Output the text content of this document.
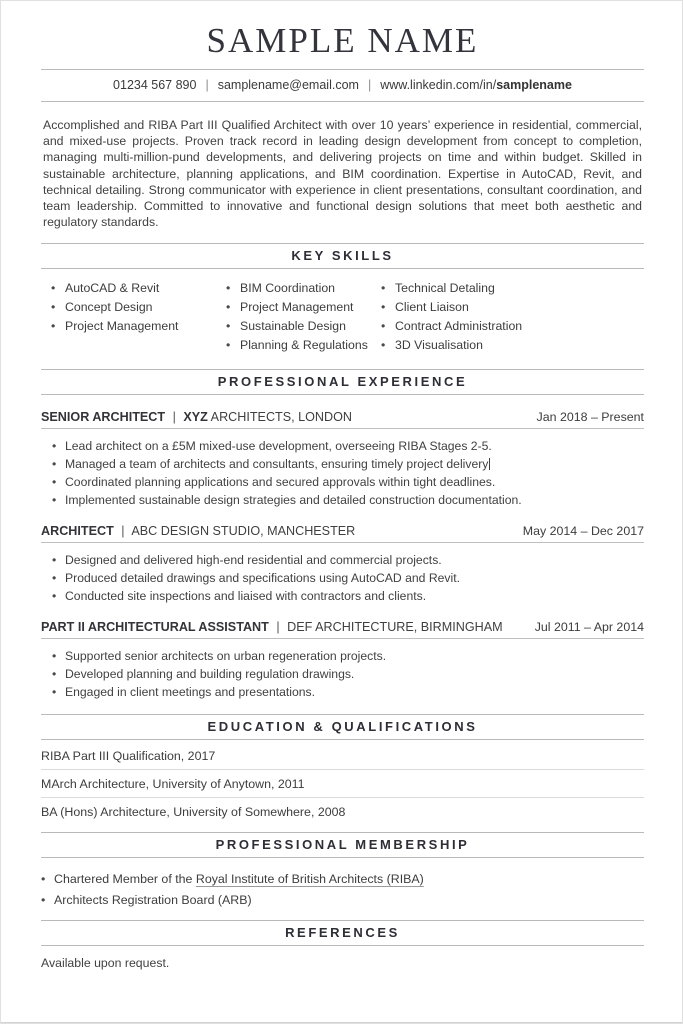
SAMPLE NAME
01234 567 890 | samplename@email.com | www.linkedin.com/in/samplename

Accomplished and RIBA Part III Qualified Architect with over 10 years’ experience in residential, commercial, and mixed-use projects. Proven track record in leading design development from concept to completion, managing multi-million-pund developments, and delivering projects on time and within budget. Skilled in sustainable architecture, planning applications, and BIM coordination. Expertise in AutoCAD, Revit, and technical detailing. Strong communicator with experience in client presentations, consultant coordination, and team leadership. Committed to innovative and functional design solutions that meet both aesthetic and regulatory standards.

KEY SKILLS
• AutoCAD & Revit
• Concept Design
• Project Management
• BIM Coordination
• Project Management
• Sustainable Design
• Planning & Regulations
• Technical Detaling
• Client Liaison
• Contract Administration
• 3D Visualisation
PROFESSIONAL EXPERIENCE
SENIOR ARCHITECT | XYZ ARCHITECTS, LONDON	Jan 2018 – Present
• Lead architect on a £5M mixed-use development, overseeing RIBA Stages 2-5.
• Managed a team of architects and consultants, ensuring timely project delivery
• Coordinated planning applications and secured approvals within tight deadlines.
• Implemented sustainable design strategies and detailed construction documentation.
ARCHITECT | ABC DESIGN STUDIO, MANCHESTER	May 2014 – Dec 2017
• Designed and delivered high-end residential and commercial projects.
• Produced detailed drawings and specifications using AutoCAD and Revit.
• Conducted site inspections and liaised with contractors and clients.
PART II ARCHITECTURAL ASSISTANT | DEF ARCHITECTURE, BIRMINGHAM	Jul 2011 – Apr 2014
• Supported senior architects on urban regeneration projects.
• Developed planning and building regulation drawings.
• Engaged in client meetings and presentations.
EDUCATION & QUALIFICATIONS
RIBA Part III Qualification, 2017
MArch Architecture, University of Anytown, 2011
BA (Hons) Architecture, University of Somewhere, 2008
PROFESSIONAL MEMBERSHIP
• Chartered Member of the Royal Institute of British Architects (RIBA)
• Architects Registration Board (ARB)
REFERENCES

Available upon request.
